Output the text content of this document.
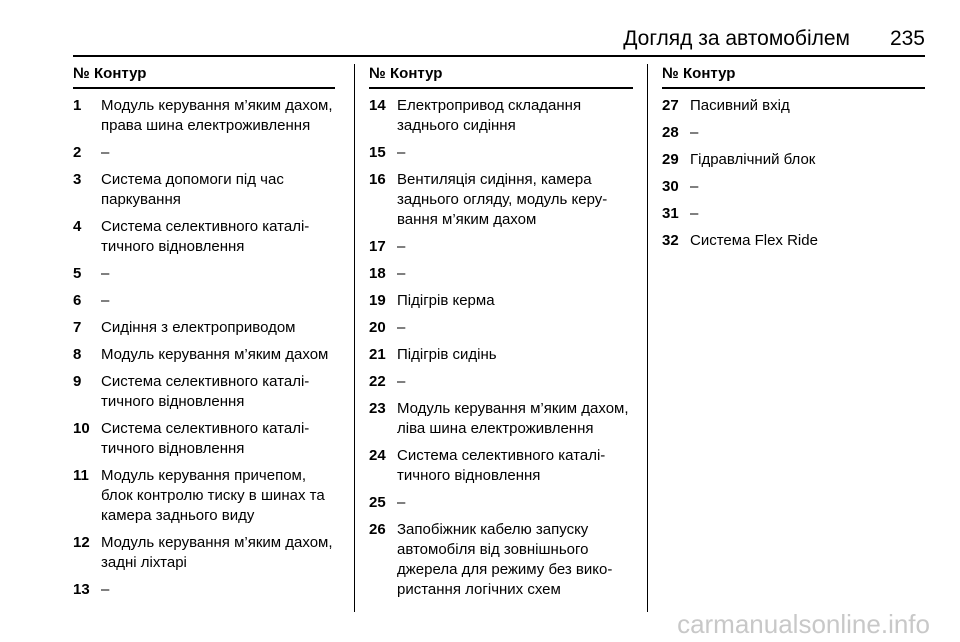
Догляд за автомобілем 235
№ Контур
1	Модуль керування м’яким дахом, права шина електроживлення
2	–
3	Система допомоги під час паркування
4	Система селективного каталітичного відновлення
5	–
6	–
7	Сидіння з електроприводом
8	Модуль керування м’яким дахом
9	Система селективного каталітичного відновлення
10 Система селективного каталітичного відновлення
11 Модуль керування причепом, блок контролю тиску в шинах та камера заднього виду
12 Модуль керування м’яким дахом, задні ліхтарі
13 –
№ Контур
14 Електропривод складання заднього сидіння
15 –
16 Вентиляція сидіння, камера заднього огляду, модуль керування м’яким дахом
17 –
18 –
19 Підігрів керма
20 –
21 Підігрів сидінь
22 –
23 Модуль керування м’яким дахом, ліва шина електроживлення
24 Система селективного каталітичного відновлення
25 –
26 Запобіжник кабелю запуску автомобіля від зовнішнього джерела для режиму без використання логічних схем
№ Контур
27 Пасивний вхід
28 –
29 Гідравлічний блок
30 –
31 –
32 Система Flex Ride
carmanualsonline.info
